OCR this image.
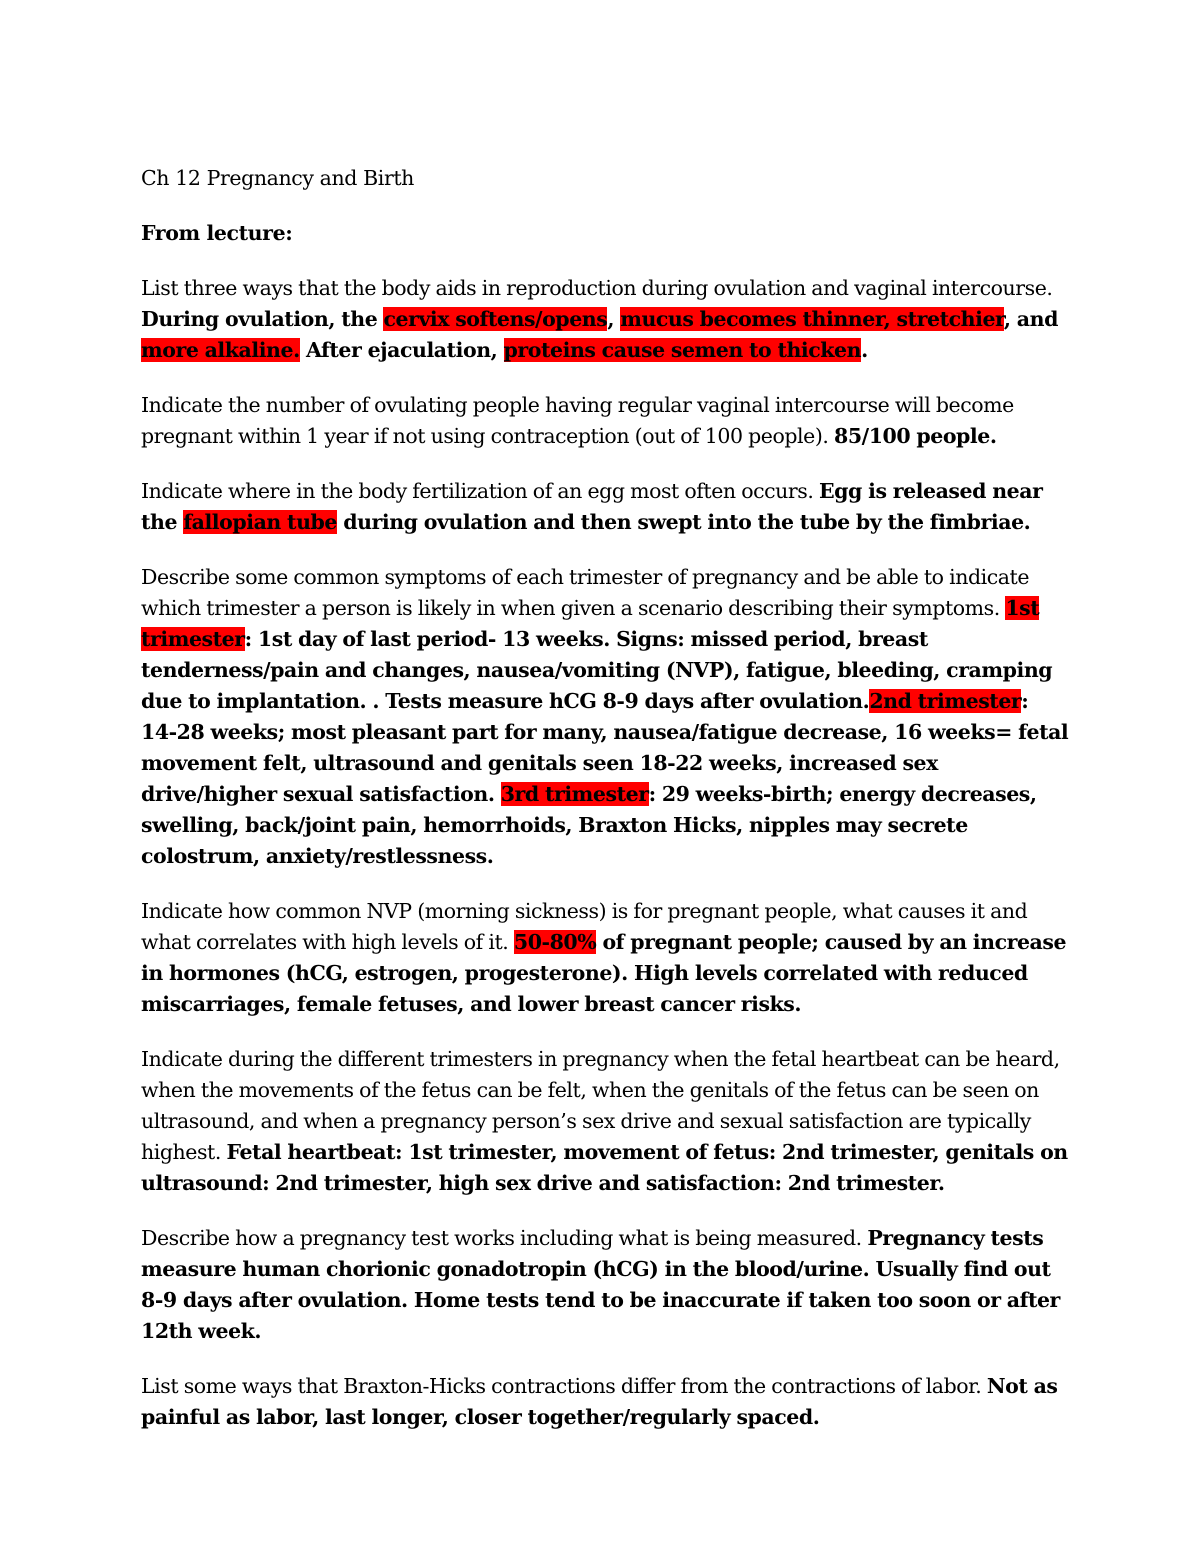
Ch 12 Pregnancy and Birth

From lecture:

List three ways that the body aids in reproduction during ovulation and vaginal intercourse. During ovulation, the cervix softens/opens, mucus becomes thinner, stretchier, and more alkaline. After ejaculation, proteins cause semen to thicken.

Indicate the number of ovulating people having regular vaginal intercourse will become pregnant within 1 year if not using contraception (out of 100 people). 85/100 people.

Indicate where in the body fertilization of an egg most often occurs. Egg is released near the fallopian tube during ovulation and then swept into the tube by the fimbriae.

Describe some common symptoms of each trimester of pregnancy and be able to indicate which trimester a person is likely in when given a scenario describing their symptoms. 1st trimester: 1st day of last period- 13 weeks. Signs: missed period, breast tenderness/pain and changes, nausea/vomiting (NVP), fatigue, bleeding, cramping due to implantation. . Tests measure hCG 8-9 days after ovulation.2nd trimester: 14-28 weeks; most pleasant part for many, nausea/fatigue decrease, 16 weeks= fetal movement felt, ultrasound and genitals seen 18-22 weeks, increased sex drive/higher sexual satisfaction. 3rd trimester: 29 weeks-birth; energy decreases, swelling, back/joint pain, hemorrhoids, Braxton Hicks, nipples may secrete colostrum, anxiety/restlessness.

Indicate how common NVP (morning sickness) is for pregnant people, what causes it and what correlates with high levels of it. 50-80% of pregnant people; caused by an increase in hormones (hCG, estrogen, progesterone). High levels correlated with reduced miscarriages, female fetuses, and lower breast cancer risks.

Indicate during the different trimesters in pregnancy when the fetal heartbeat can be heard, when the movements of the fetus can be felt, when the genitals of the fetus can be seen on ultrasound, and when a pregnancy person’s sex drive and sexual satisfaction are typically highest. Fetal heartbeat: 1st trimester, movement of fetus: 2nd trimester, genitals on ultrasound: 2nd trimester, high sex drive and satisfaction: 2nd trimester.

Describe how a pregnancy test works including what is being measured. Pregnancy tests measure human chorionic gonadotropin (hCG) in the blood/urine. Usually find out 8-9 days after ovulation. Home tests tend to be inaccurate if taken too soon or after 12th week.

List some ways that Braxton-Hicks contractions differ from the contractions of labor. Not as painful as labor, last longer, closer together/regularly spaced.
